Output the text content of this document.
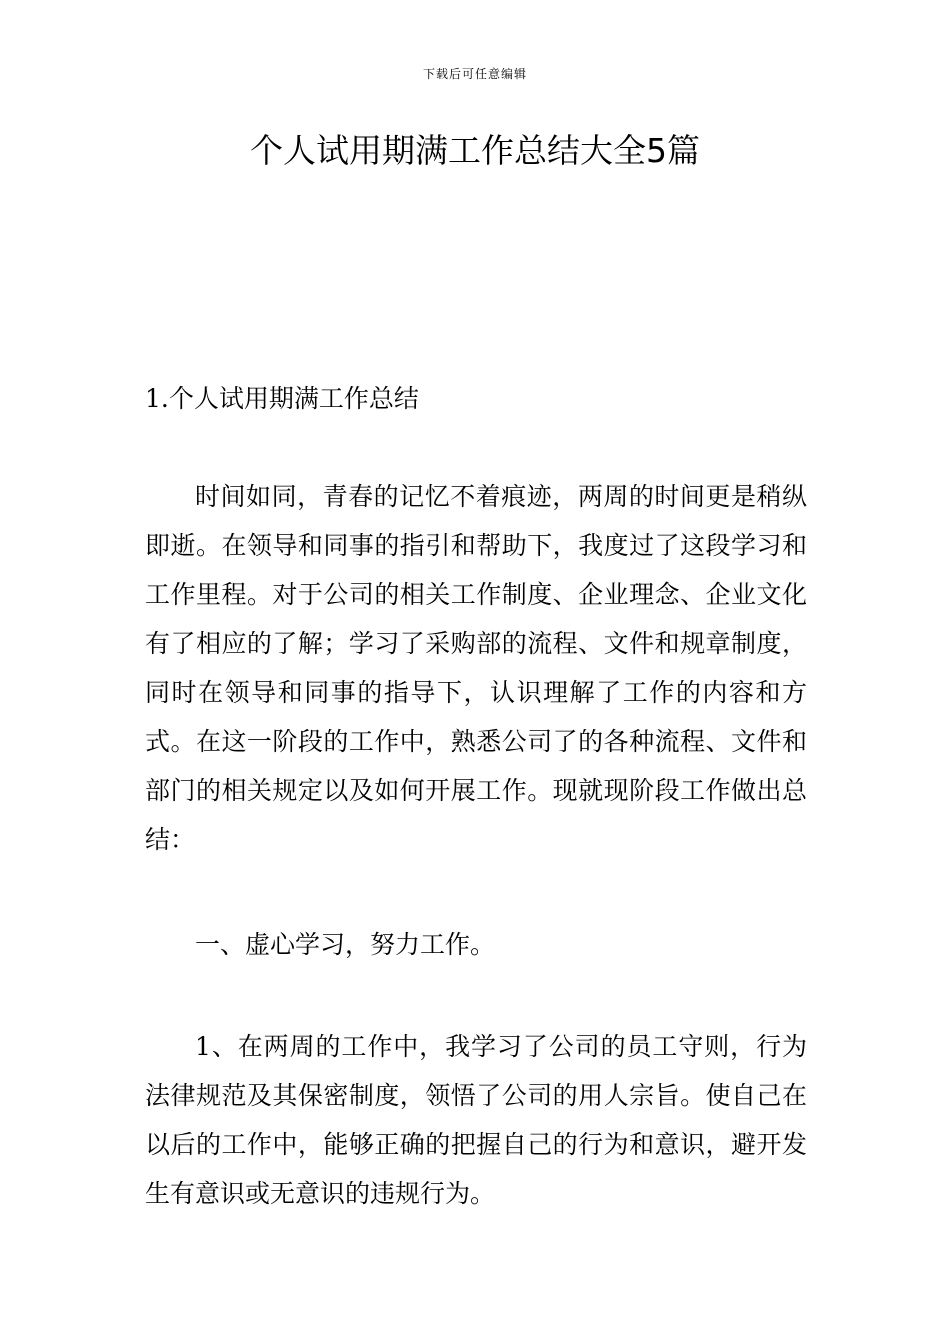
下载后可任意编辑
个人试用期满工作总结大全5篇

1.个人试用期满工作总结

时间如同，青春的记忆不着痕迹，两周的时间更是稍纵即逝。在领导和同事的指引和帮助下，我度过了这段学习和工作里程。对于公司的相关工作制度、企业理念、企业文化有了相应的了解；学习了采购部的流程、文件和规章制度，同时在领导和同事的指导下，认识理解了工作的内容和方式。在这一阶段的工作中，熟悉公司了的各种流程、文件和部门的相关规定以及如何开展工作。现就现阶段工作做出总结：

一、虚心学习，努力工作。

1、在两周的工作中，我学习了公司的员工守则，行为法律规范及其保密制度，领悟了公司的用人宗旨。使自己在以后的工作中，能够正确的把握自己的行为和意识，避开发生有意识或无意识的违规行为。
